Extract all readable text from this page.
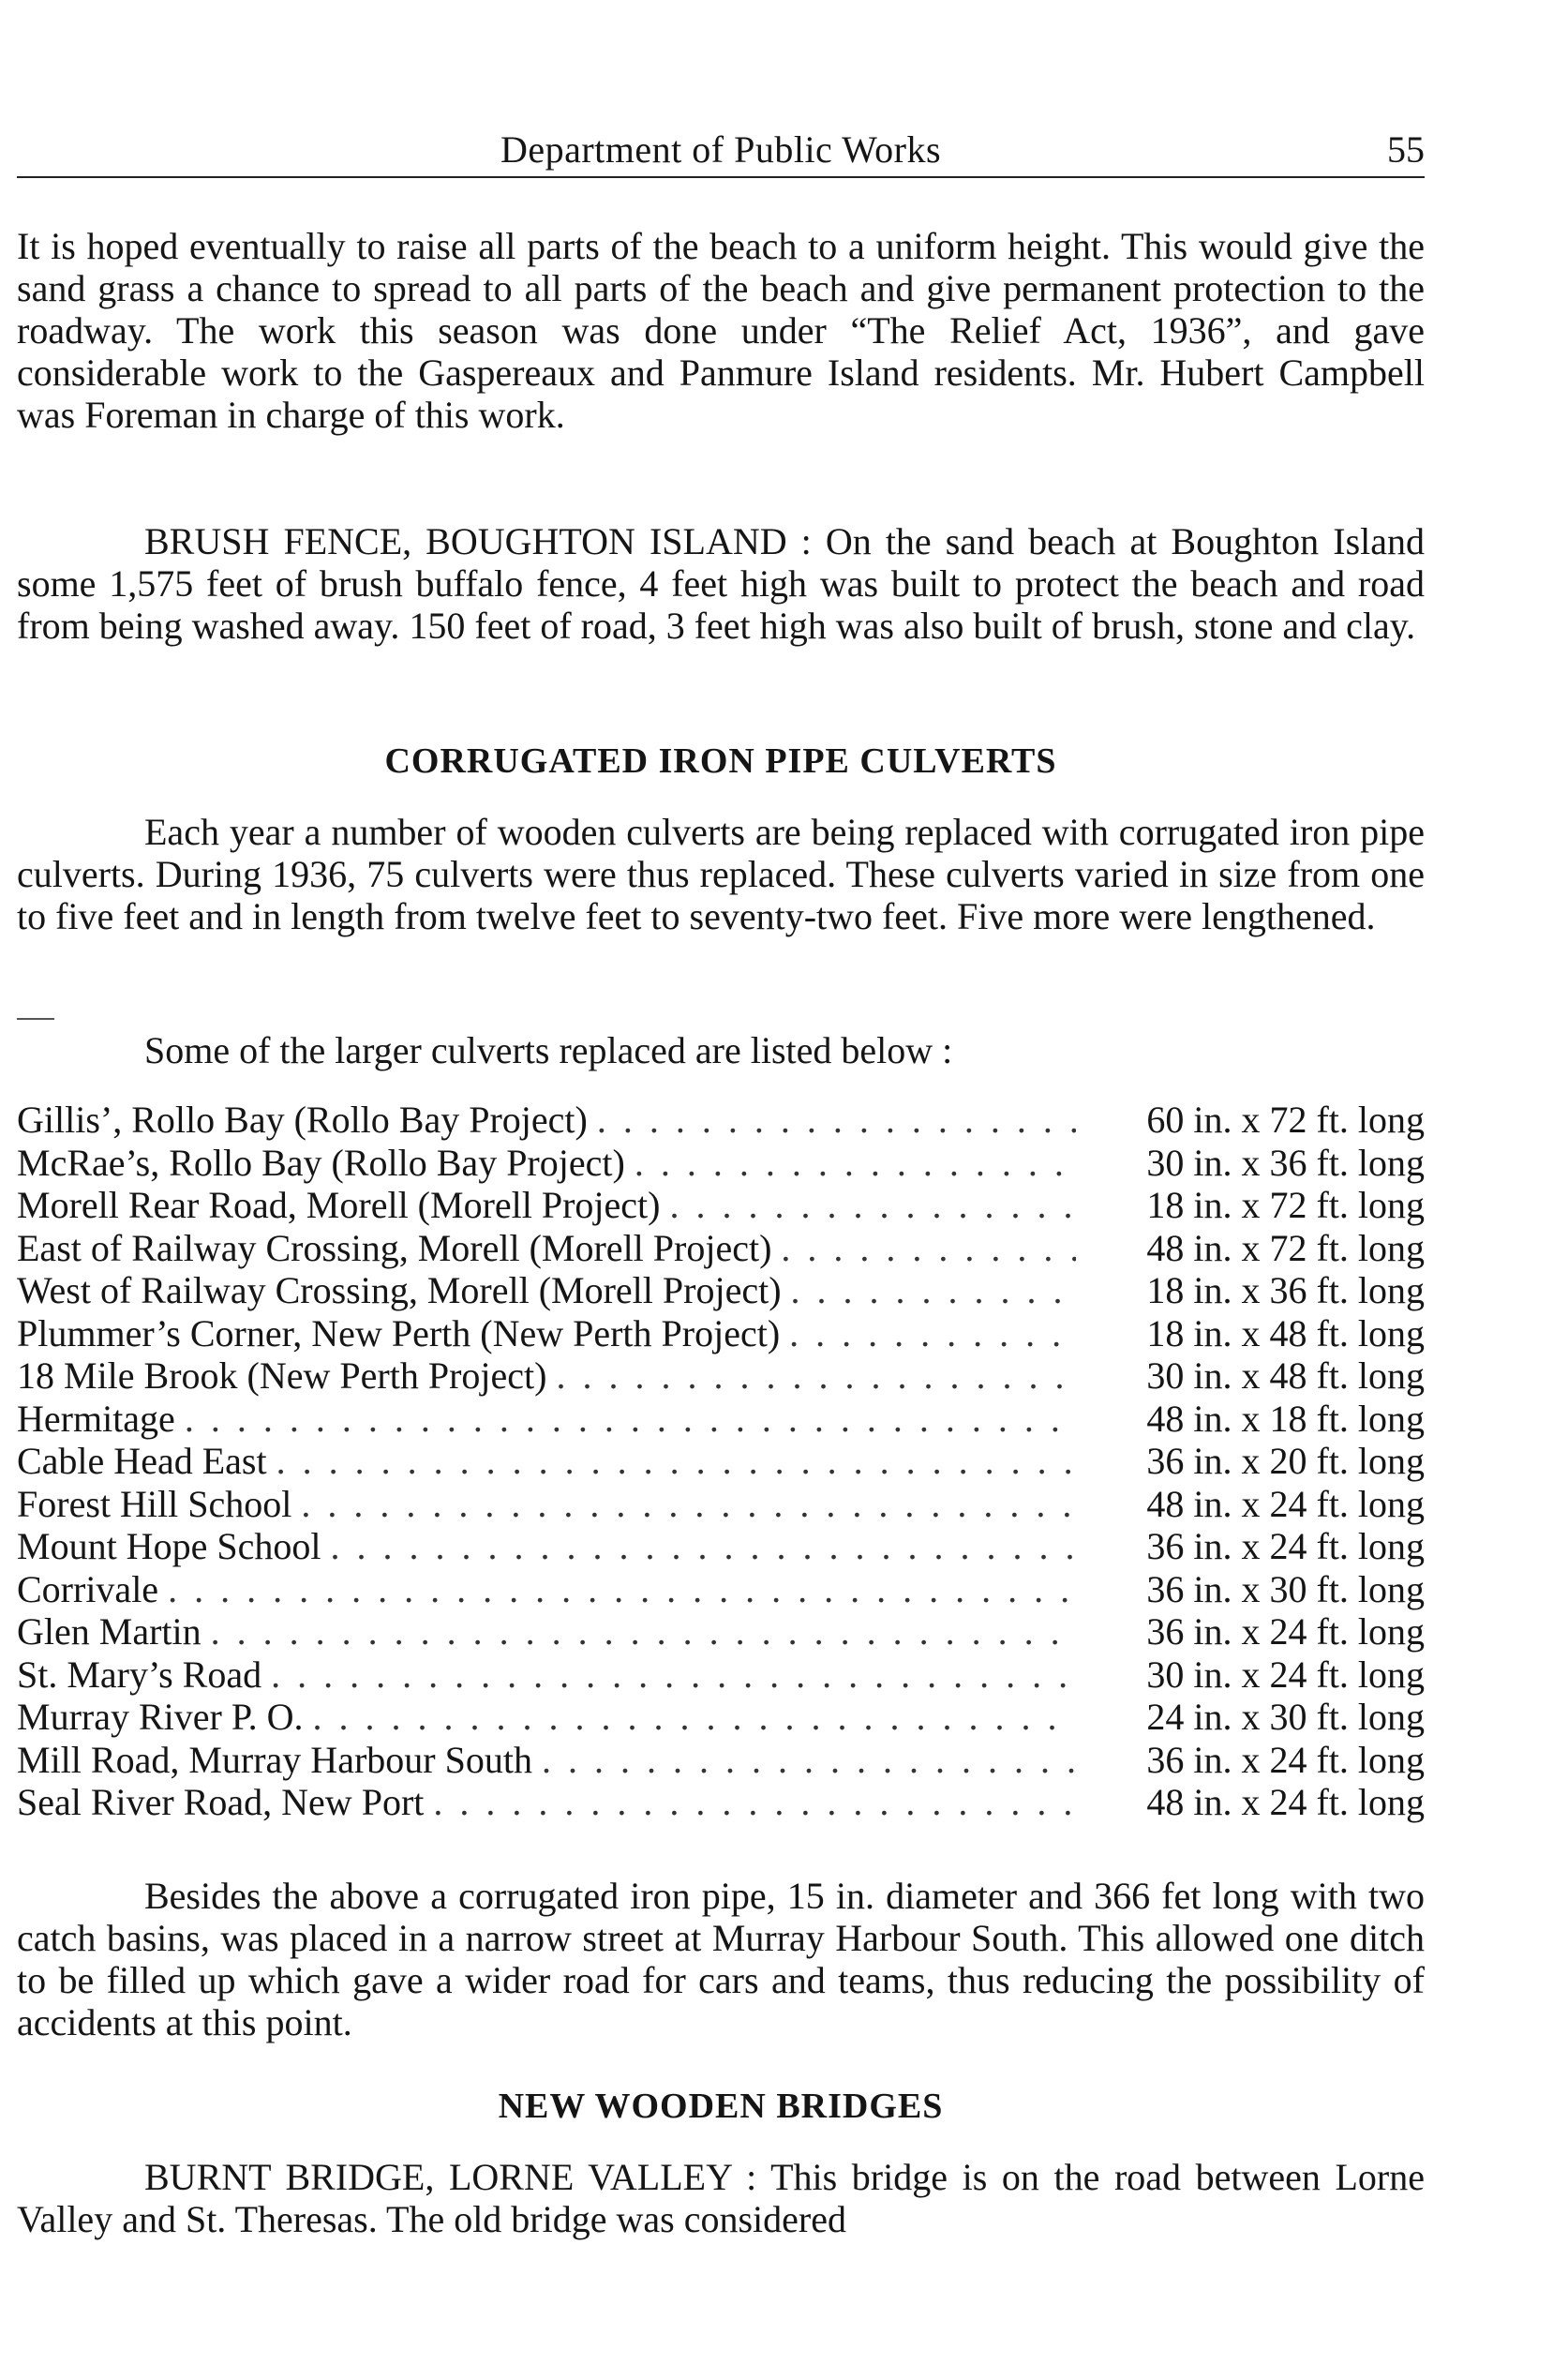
Department of Public Works	55

It is hoped eventually to raise all parts of the beach to a uniform height. This would give the sand grass a chance to spread to all parts of the beach and give permanent protection to the roadway. The work this season was done under “The Relief Act, 1936”, and gave considerable work to the Gaspereaux and Panmure Island residents. Mr. Hubert Campbell was Foreman in charge of this work.

BRUSH FENCE, BOUGHTON ISLAND : On the sand beach at Boughton Island some 1,575 feet of brush buffalo fence, 4 feet high was built to protect the beach and road from being washed away. 150 feet of road, 3 feet high was also built of brush, stone and clay.

CORRUGATED IRON PIPE CULVERTS

Each year a number of wooden culverts are being replaced with corrugated iron pipe culverts. During 1936, 75 culverts were thus replaced. These culverts varied in size from one to five feet and in length from twelve feet to seventy-two feet. Five more were lengthened.

Some of the larger culverts replaced are listed below :

Gillis’, Rollo Bay (Rollo Bay Project) . . .	60 in. x 72 ft. long
McRae’s, Rollo Bay (Rollo Bay Project) . . .	30 in. x 36 ft. long
Morell Rear Road, Morell (Morell Project) . . .	18 in. x 72 ft. long
East of Railway Crossing, Morell (Morell Project) . . .	48 in. x 72 ft. long
West of Railway Crossing, Morell (Morell Project) . . .	18 in. x 36 ft. long
Plummer’s Corner, New Perth (New Perth Project) . . .	18 in. x 48 ft. long
18 Mile Brook (New Perth Project) . . .	30 in. x 48 ft. long
Hermitage . . .	48 in. x 18 ft. long
Cable Head East . . .	36 in. x 20 ft. long
Forest Hill School . . .	48 in. x 24 ft. long
Mount Hope School . . .	36 in. x 24 ft. long
Corrivale . . .	36 in. x 30 ft. long
Glen Martin . . .	36 in. x 24 ft. long
St. Mary’s Road . . .	30 in. x 24 ft. long
Murray River P. O. . . .	24 in. x 30 ft. long
Mill Road, Murray Harbour South . . .	36 in. x 24 ft. long
Seal River Road, New Port . . .	48 in. x 24 ft. long

Besides the above a corrugated iron pipe, 15 in. diameter and 366 fet long with two catch basins, was placed in a narrow street at Murray Harbour South. This allowed one ditch to be filled up which gave a wider road for cars and teams, thus reducing the possibility of accidents at this point.

NEW WOODEN BRIDGES

BURNT BRIDGE, LORNE VALLEY : This bridge is on the road between Lorne Valley and St. Theresas. The old bridge was considered
